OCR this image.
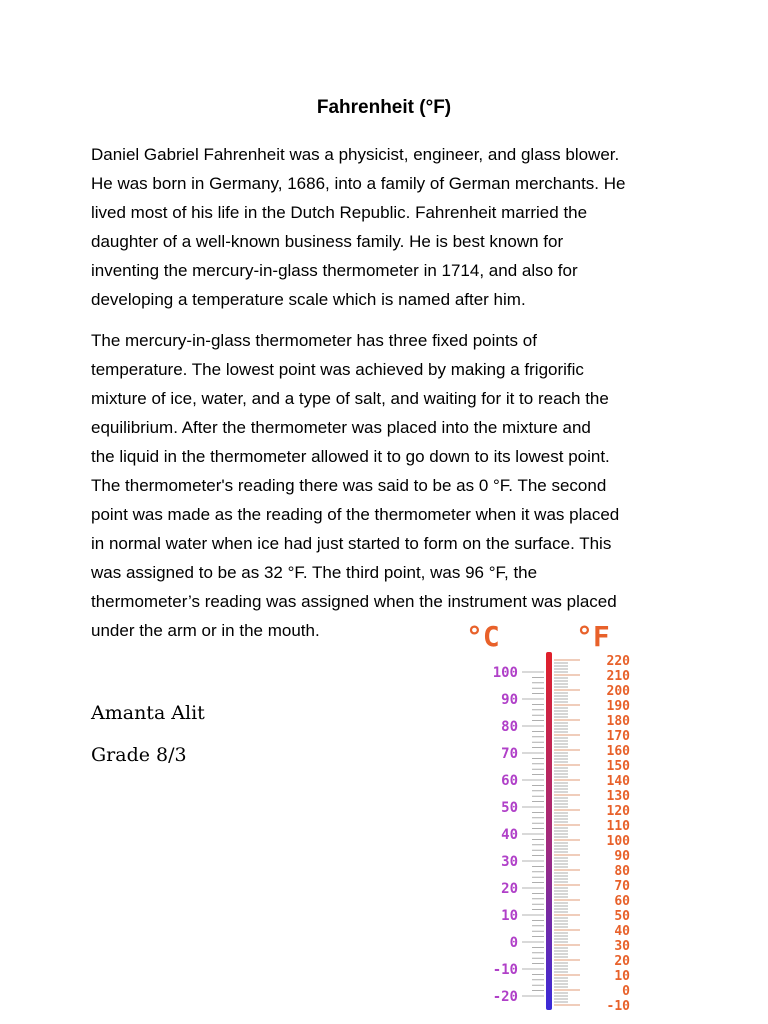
Fahrenheit (°F)

Daniel Gabriel Fahrenheit was a physicist, engineer, and glass blower.
He was born in Germany, 1686, into a family of German merchants. He
lived most of his life in the Dutch Republic. Fahrenheit married the
daughter of a well-known business family. He is best known for
inventing the mercury-in-glass thermometer in 1714, and also for
developing a temperature scale which is named after him.

The mercury-in-glass thermometer has three fixed points of
temperature. The lowest point was achieved by making a frigorific
mixture of ice, water, and a type of salt, and waiting for it to reach the
equilibrium. After the thermometer was placed into the mixture and
the liquid in the thermometer allowed it to go down to its lowest point.
The thermometer's reading there was said to be as 0 °F. The second
point was made as the reading of the thermometer when it was placed
in normal water when ice had just started to form on the surface. This
was assigned to be as 32 °F. The third point, was 96 °F, the
thermometer’s reading was assigned when the instrument was placed
under the arm or in the mouth.

Amanta Alit
Grade 8/3
°C	°F
100
90
80
70
60
50
40
30
20
10
0
-10
-20
220
210
200
190
180
170
160
150
140
130
120
110
100
90
80
70
60
50
40
30
20
10
0
-10
